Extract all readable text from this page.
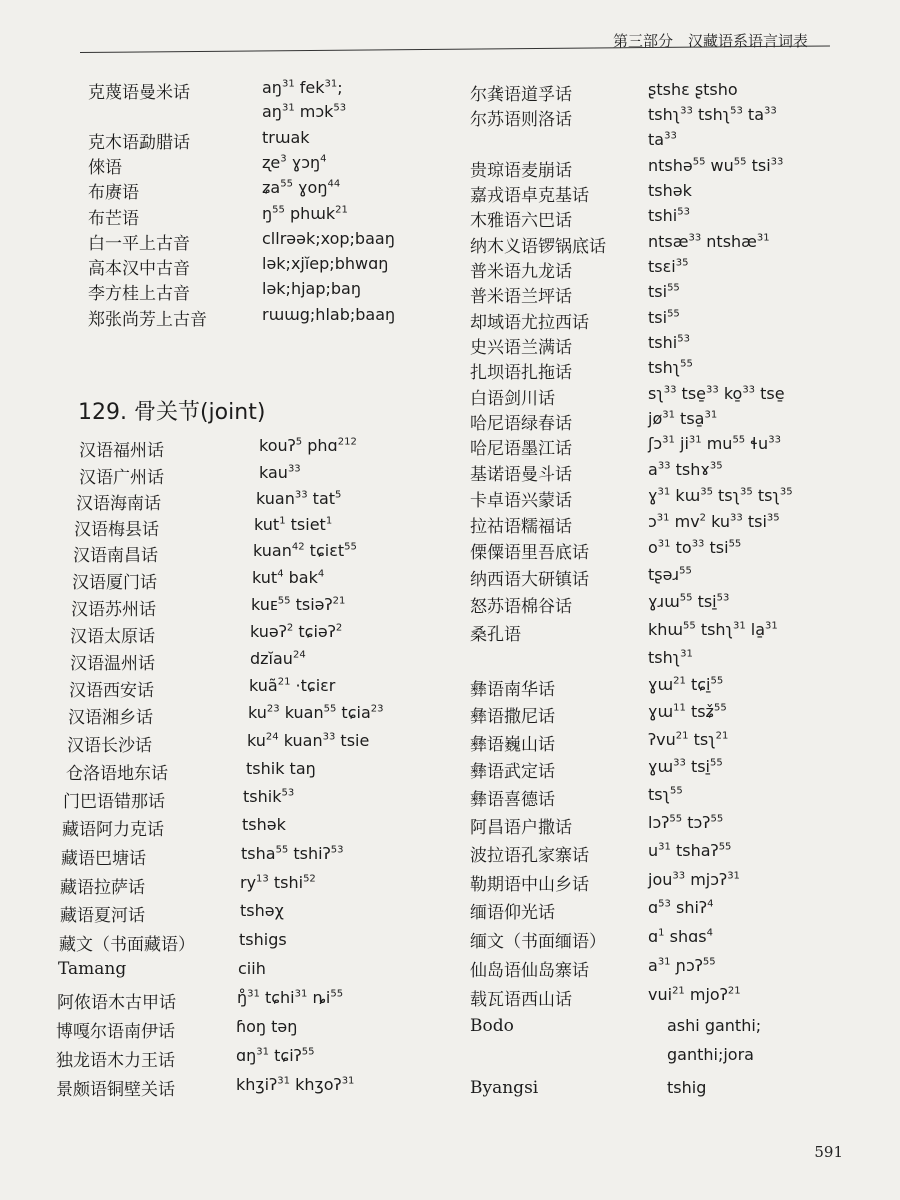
第三部分　汉藏语系语言词表
克蔑语曼米话	$aŋ^{31}$ fek$^{31}$;
$aŋ^{31}$ mɔk$^{53}$
克木语勐腊话	trɯak
倈语	ʐe$^3$ ɣɔŋ$^4$
布赓语	ʑa$^{55}$ ɣoŋ$^{44}$
布芒语	$ŋ^{55}$ phɯk$^{21}$
白一平上古音	cllrəək;xop;baaŋ
高本汉中古音	lək;xjĭep;bhwɑŋ
李方桂上古音	lək;hjap;baŋ
郑张尚芳上古音	rɯɯg;hlab;baaŋ
129. 骨关节(joint)
汉语福州话	kouʔ$^5$ phɑ$^{212}$
汉语广州话	kau$^{33}$
汉语海南话	kuan$^{33}$ tat$^5$
汉语梅县话	kut$^1$ tsiet$^1$
汉语南昌话	kuan$^{42}$ tɕiɛt$^{55}$
汉语厦门话	kut$^4$ bak$^4$
汉语苏州话	kuᴇ$^{55}$ tsiəʔ$^{21}$
汉语太原话	kuəʔ$^2$ tɕiəʔ$^2$
汉语温州话	dzĭau$^{24}$
汉语西安话	kuã$^{21}$ ·tɕiɛr
汉语湘乡话	$ku^{23}$ kuan$^{55}$ tɕia$^{23}$
汉语长沙话	$ku^{24}$ kuan$^{33}$ tsie
仓洛语地东话	tshik taŋ
门巴语错那话	tshik$^{53}$
藏语阿力克话	tshək
藏语巴塘话	tsha$^{55}$ tshiʔ$^{53}$
藏语拉萨话	$ry^{13}$ tshi$^{52}$
藏语夏河话	tshəχ
藏文（书面藏语）	tshigs
Tamang	ciih
阿侬语木古甲话	ŋ̊$^{31}$ tɕhi$^{31}$ $ȵi^{55}$
博嘎尔语南伊话	ɦoŋ təŋ
独龙语木力王话	ɑŋ$^{31}$ tɕiʔ$^{55}$
景颇语铜壁关话	khʒiʔ$^{31}$ khʒoʔ$^{31}$
尔龚语道孚话	ʂtshɛ ʂtsho
尔苏语则洛话	tshʅ$^{33}$ tshʅ$^{53}$ $ta^{33}$
$ta^{33}$
贵琼语麦崩话	ntshə$^{55}$ $wu^{55}$ tsi$^{33}$
嘉戎语卓克基话	tshək
木雅语六巴话	tshi$^{53}$
纳木义语锣锅底话	ntsæ$^{33}$ ntshæ$^{31}$
普米语九龙话	tsɛi$^{35}$
普米语兰坪话	tsi$^{55}$
却域语尤拉西话	tsi$^{55}$
史兴语兰满话	tshi$^{53}$
扎坝语扎拖话	tshʅ$^{55}$
白语剑川话	sʅ$^{33}$ tse̱$^{33}$ ko̱$^{33}$ tse̱
哈尼语绿春话	$jø^{31}$ tsa̱$^{31}$
哈尼语墨江话	ʃɔ$^{31}$ $ji^{31}$ $mu^{55}$ ɬu$^{33}$
基诺语曼斗话	$a^{33}$ tshɤ$^{35}$
卡卓语兴蒙话	ɣ$^{31}$ kɯ$^{35}$ tsʅ$^{35}$ tsʅ$^{35}$
拉祜语糯福话	ɔ$^{31}$ $mv^2$ $ku^{33}$ tsi$^{35}$
傈僳语里吾底话	$o^{31}$ $to^{33}$ tsi$^{55}$
纳西语大研镇话	tʂəɹ$^{55}$
怒苏语棉谷话	ɣɹɯ$^{55}$ tsi̱$^{53}$
桑孔语	khɯ$^{55}$ tshʅ$^{31}$ la̱$^{31}$
tshʅ$^{31}$
彝语南华话	ɣɯ$^{21}$ tɕi̱$^{55}$
彝语撒尼话	ɣɯ$^{11}$ tsʑ̌$^{55}$
彝语巍山话	ʔvu$^{21}$ tsʅ$^{21}$
彝语武定话	ɣɯ$^{33}$ tsi̱$^{55}$
彝语喜德话	tsʅ$^{55}$
阿昌语户撒话	lɔʔ$^{55}$ tɔʔ$^{55}$
波拉语孔家寨话	$u^{31}$ tshaʔ$^{55}$
勒期语中山乡话	jou$^{33}$ mjɔʔ$^{31}$
缅语仰光话	ɑ$^{53}$ shiʔ$^4$
缅文（书面缅语）	ɑ$^1$ shɑs$^4$
仙岛语仙岛寨话	$a^{31}$ ɲɔʔ$^{55}$
载瓦语西山话	vui$^{21}$ mjoʔ$^{21}$
Bodo	ashi ganthi;
ganthi;jora
Byangsi	tshig
591
